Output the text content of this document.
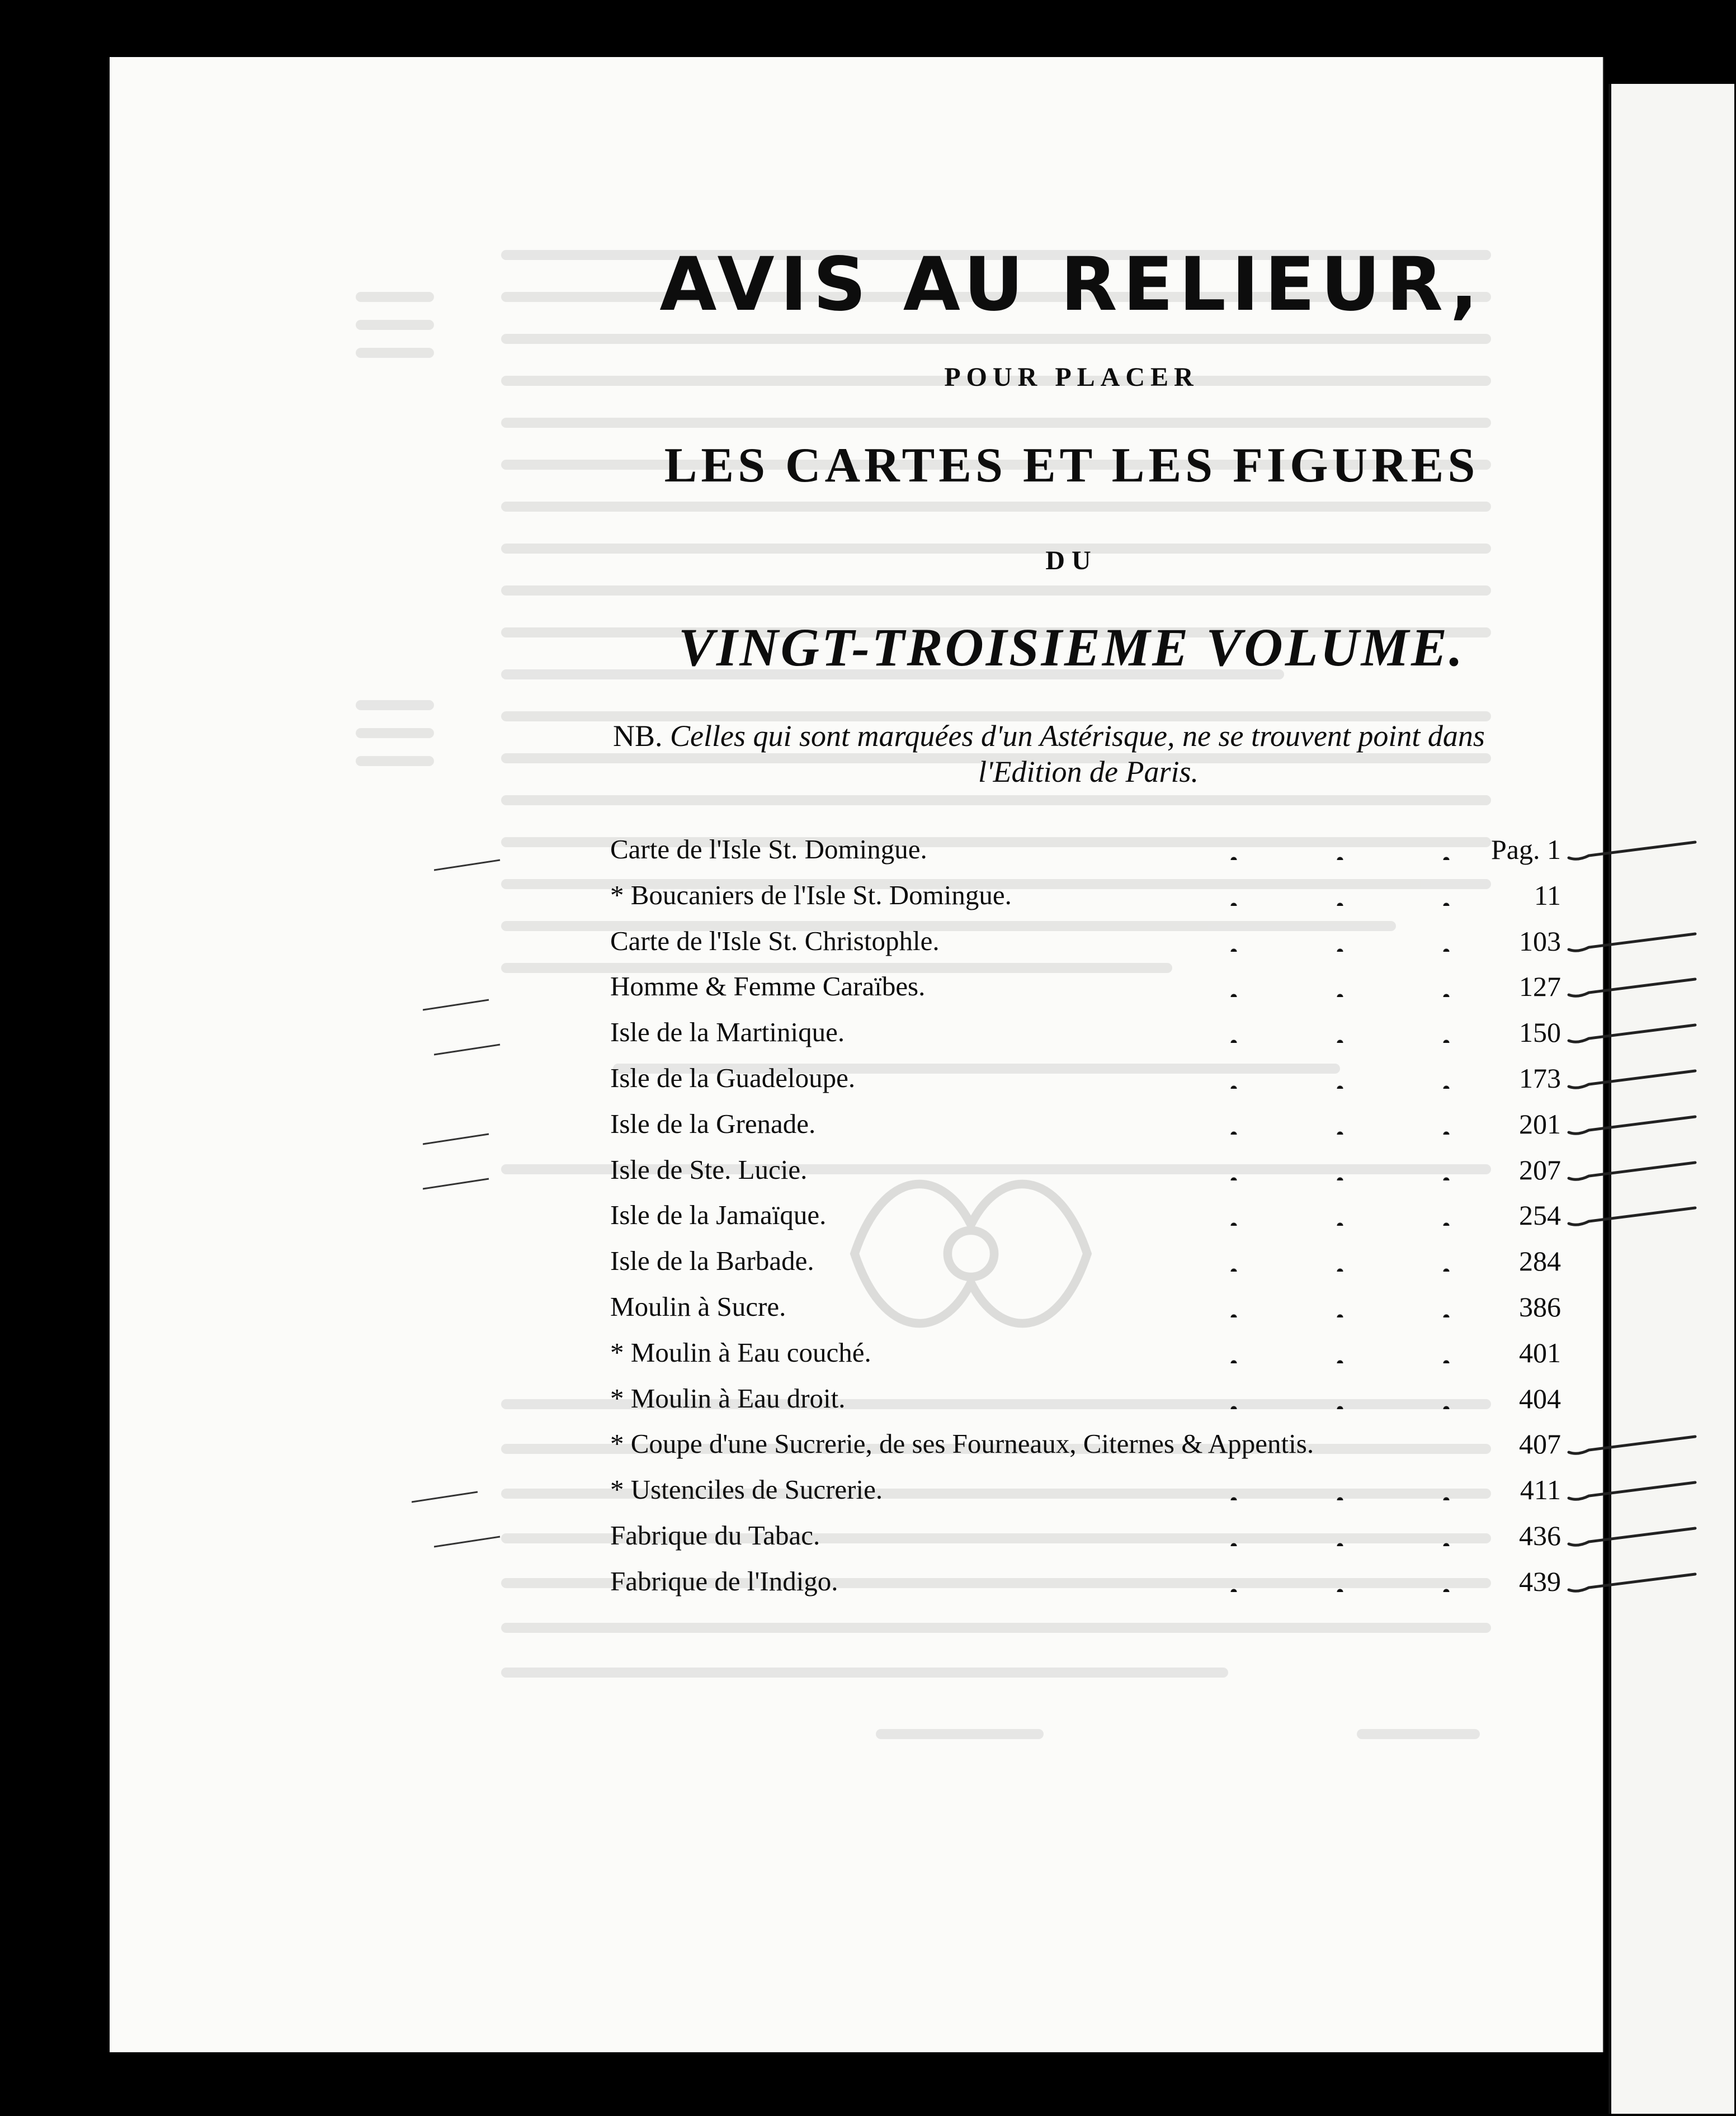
AVIS AU RELIEUR,
POUR PLACER
LES CARTES ET LES FIGURES
DU
VINGT-TROISIEME VOLUME.
NB. Celles qui sont marquées d'un Astérisque, ne se trouvent point dans
l'Edition de Paris.
Carte de l'Isle St. Domingue.	Pag. 1
* Boucaniers de l'Isle St. Domingue.	11
Carte de l'Isle St. Christophle.	103
Homme & Femme Caraïbes.	127
Isle de la Martinique.	150
Isle de la Guadeloupe.	173
Isle de la Grenade.	201
Isle de Ste. Lucie.	207
Isle de la Jamaïque.	254
Isle de la Barbade.	284
Moulin à Sucre.	386
* Moulin à Eau couché.	401
* Moulin à Eau droit.	404
* Coupe d'une Sucrerie, de ses Fourneaux, Citernes & Appentis.	407
* Ustenciles de Sucrerie.	411
Fabrique du Tabac.	436
Fabrique de l'Indigo.	439
